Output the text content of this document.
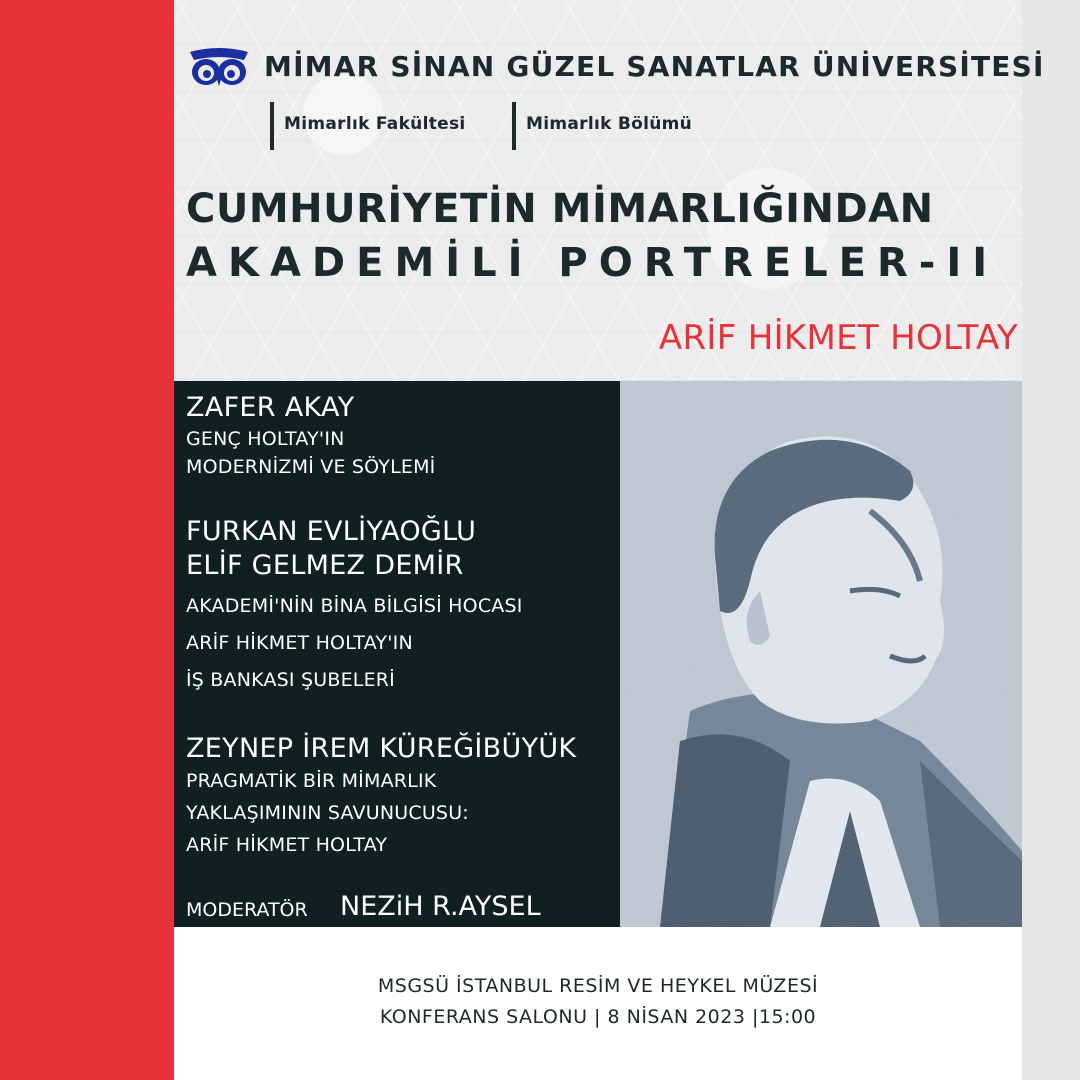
MİMAR SİNAN GÜZEL SANATLAR ÜNİVERSİTESİ
Mimarlık Fakültesi	Mimarlık Bölümü
CUMHURİYETİN MİMARLIĞINDAN
AKADEMİLİ PORTRELER-II
ARİF HİKMET HOLTAY
ZAFER AKAY
GENÇ HOLTAY'IN
MODERNİZMİ VE SÖYLEMİ
FURKAN EVLİYAOĞLU
ELİF GELMEZ DEMİR
AKADEMİ'NİN BİNA BİLGİSİ HOCASI
ARİF HİKMET HOLTAY'IN
İŞ BANKASI ŞUBELERİ
ZEYNEP İREM KÜREĞİBÜYÜK
PRAGMATİK BİR MİMARLIK
YAKLAŞIMININ SAVUNUCUSU:
ARİF HİKMET HOLTAY
MODERATÖR NEZiH R.AYSEL
MSGSÜ İSTANBUL RESİM VE HEYKEL MÜZESİ
KONFERANS SALONU | 8 NİSAN 2023 |15:00
